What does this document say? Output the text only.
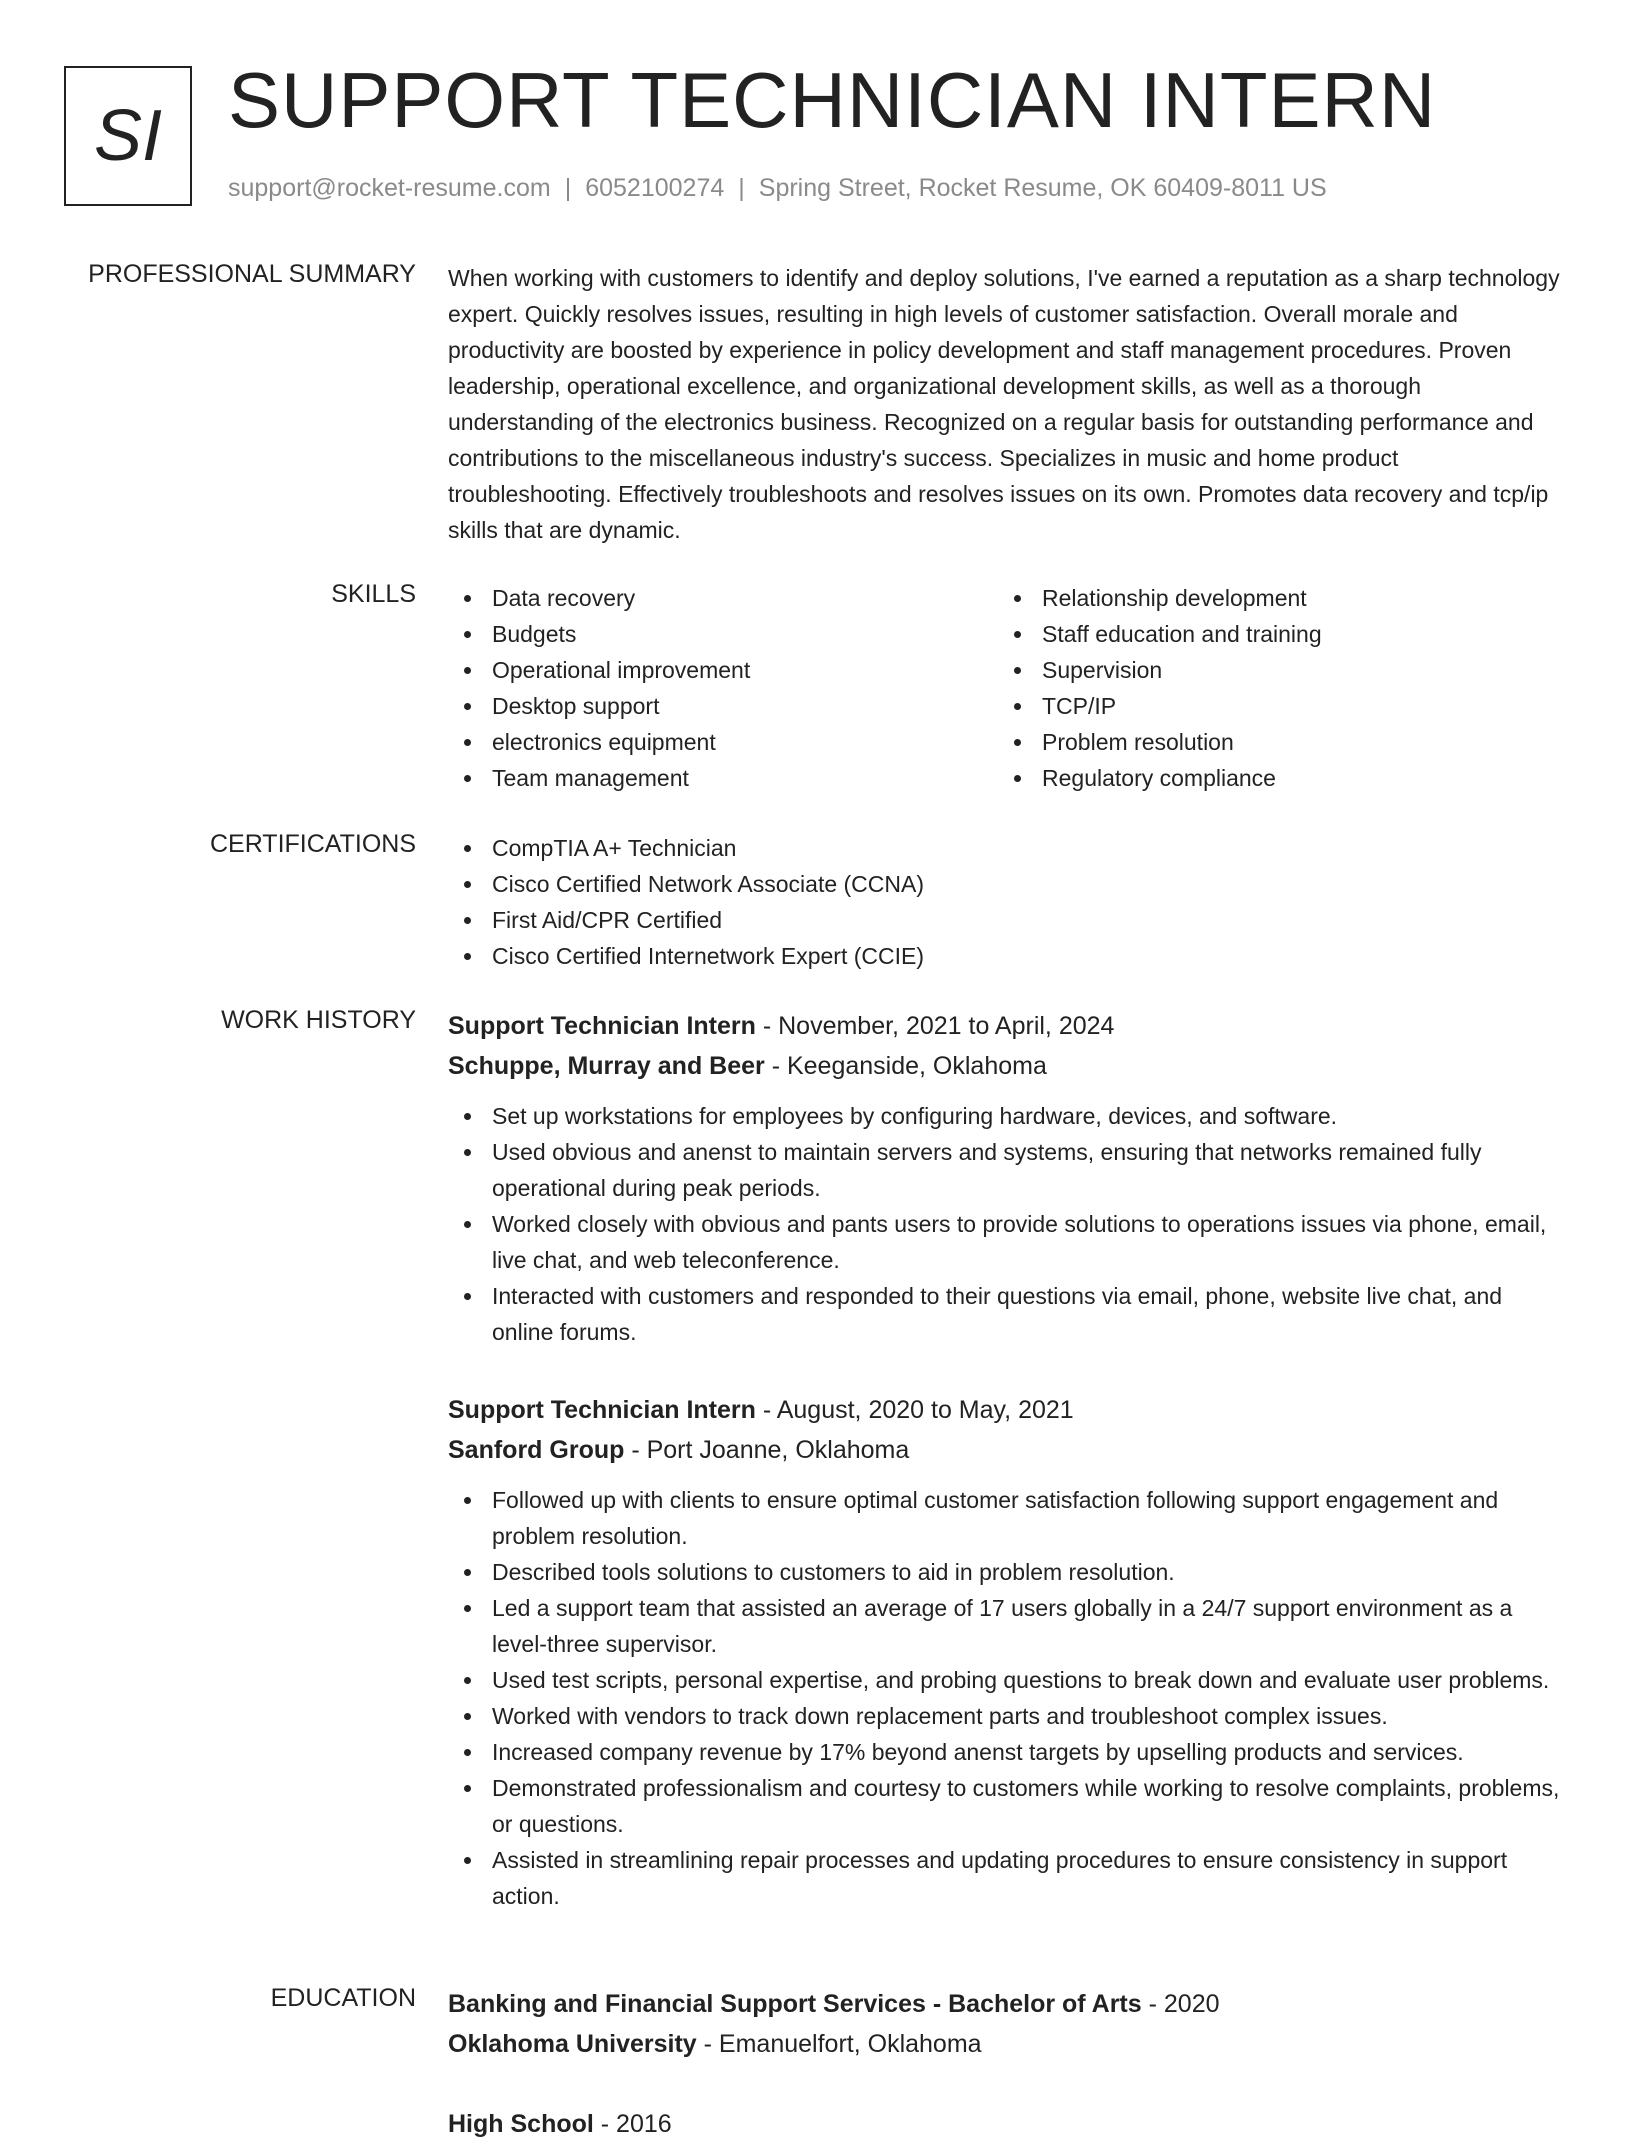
SI SUPPORT TECHNICIAN INTERN
support@rocket-resume.com | 6052100274 | Spring Street, Rocket Resume, OK 60409-8011 US
PROFESSIONAL SUMMARY When working with customers to identify and deploy solutions, I've earned a reputation as a sharp technology expert. Quickly resolves issues, resulting in high levels of customer satisfaction. Overall morale and productivity are boosted by experience in policy development and staff management procedures. Proven leadership, operational excellence, and organizational development skills, as well as a thorough understanding of the electronics business. Recognized on a regular basis for outstanding performance and contributions to the miscellaneous industry's success. Specializes in music and home product troubleshooting. Effectively troubleshoots and resolves issues on its own. Promotes data recovery and tcp/ip skills that are dynamic.

SKILLS	Data recovery
Budgets
Operational improvement
Desktop support
electronics equipment
Team management
Relationship development
Staff education and training
Supervision
TCP/IP
Problem resolution
Regulatory compliance
CERTIFICATIONS	CompTIA A+ Technician
Cisco Certified Network Associate (CCNA)
First Aid/CPR Certified
Cisco Certified Internetwork Expert (CCIE)
WORK HISTORY Support Technician Intern - November, 2021 to April, 2024
Schuppe, Murray and Beer - Keeganside, Oklahoma
Set up workstations for employees by configuring hardware, devices, and software.
Used obvious and anenst to maintain servers and systems, ensuring that networks remained fully operational during peak periods.
Worked closely with obvious and pants users to provide solutions to operations issues via phone, email, live chat, and web teleconference.
Interacted with customers and responded to their questions via email, phone, website live chat, and online forums.
Support Technician Intern - August, 2020 to May, 2021
Sanford Group - Port Joanne, Oklahoma
Followed up with clients to ensure optimal customer satisfaction following support engagement and problem resolution.
Described tools solutions to customers to aid in problem resolution.
Led a support team that assisted an average of 17 users globally in a 24/7 support environment as a level-three supervisor.
Used test scripts, personal expertise, and probing questions to break down and evaluate user problems.
Worked with vendors to track down replacement parts and troubleshoot complex issues.
Increased company revenue by 17% beyond anenst targets by upselling products and services.
Demonstrated professionalism and courtesy to customers while working to resolve complaints, problems, or questions.
Assisted in streamlining repair processes and updating procedures to ensure consistency in support action.
EDUCATION Banking and Financial Support Services - Bachelor of Arts - 2020
Oklahoma University - Emanuelfort, Oklahoma
High School - 2016
